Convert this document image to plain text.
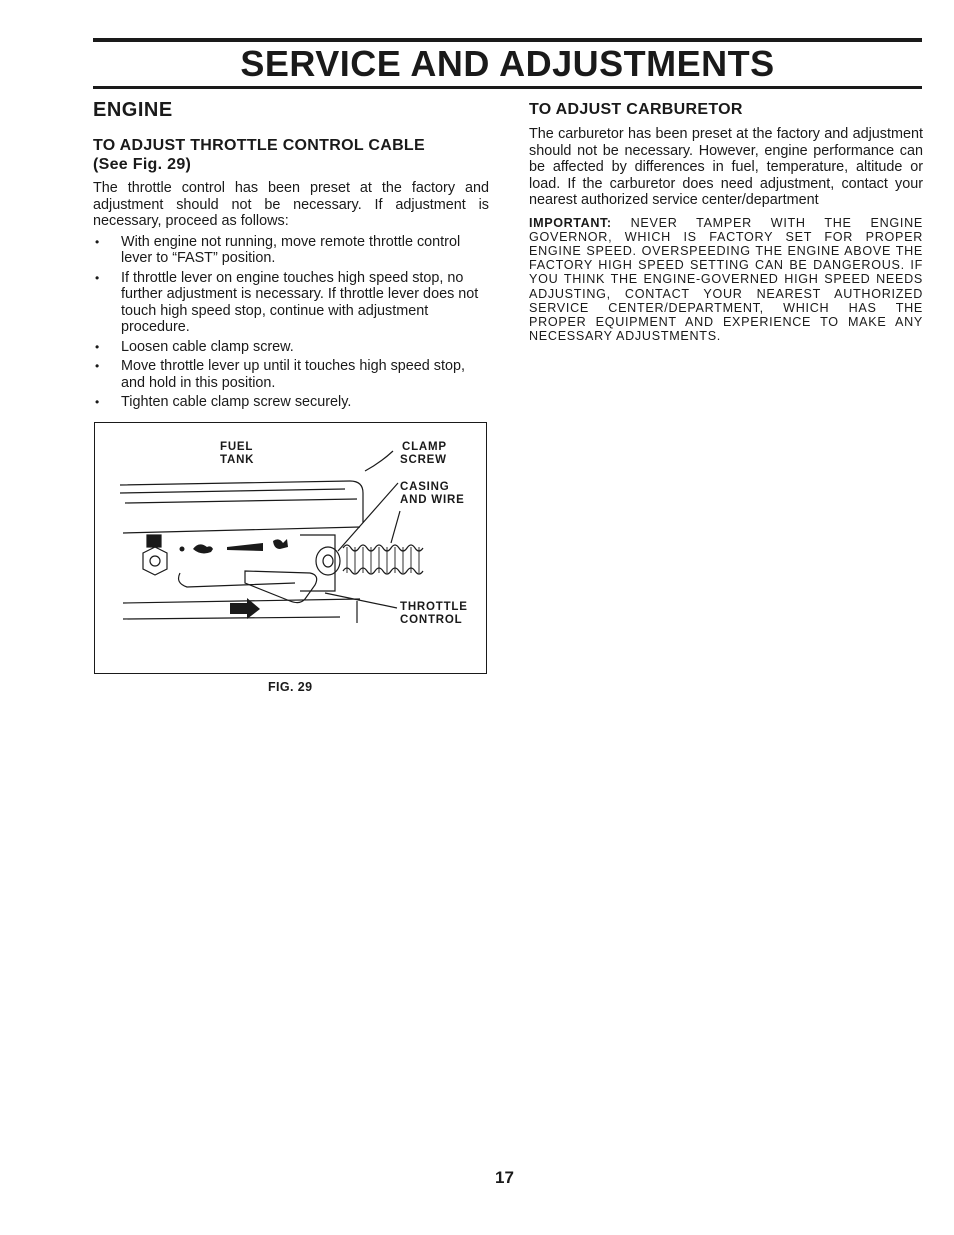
SERVICE AND ADJUSTMENTS
ENGINE
TO ADJUST THROTTLE CONTROL CABLE
(See Fig. 29)

The throttle control has been preset at the factory and adjustment should not be necessary. If adjustment is necessary, proceed as follows:

• With engine not running, move remote throttle control lever to “FAST” position.
• If throttle lever on engine touches high speed stop, no further adjustment is necessary. If throttle lever does not touch high speed stop, continue with adjustment procedure.
• Loosen cable clamp screw.
• Move throttle lever up until it touches high speed stop, and hold in this position.
• Tighten cable clamp screw securely.
TO ADJUST CARBURETOR

The carburetor has been preset at the factory and adjustment should not be necessary. However, engine performance can be affected by differences in fuel, temperature, altitude or load. If the carburetor does need adjustment, contact your nearest authorized service center/department

IMPORTANT: NEVER TAMPER WITH THE ENGINE GOVERNOR, WHICH IS FACTORY SET FOR PROPER ENGINE SPEED. OVERSPEEDING THE ENGINE ABOVE THE FACTORY HIGH SPEED SETTING CAN BE DANGEROUS. IF YOU THINK THE ENGINE-GOVERNED HIGH SPEED NEEDS ADJUSTING, CONTACT YOUR NEAREST AUTHORIZED SERVICE CENTER/DEPARTMENT, WHICH HAS THE PROPER EQUIPMENT AND EXPERIENCE TO MAKE ANY NECESSARY ADJUSTMENTS.

FUEL
TANK
CLAMP
SCREW
CASING
AND WIRE
THROTTLE
CONTROL
FIG. 29
17
